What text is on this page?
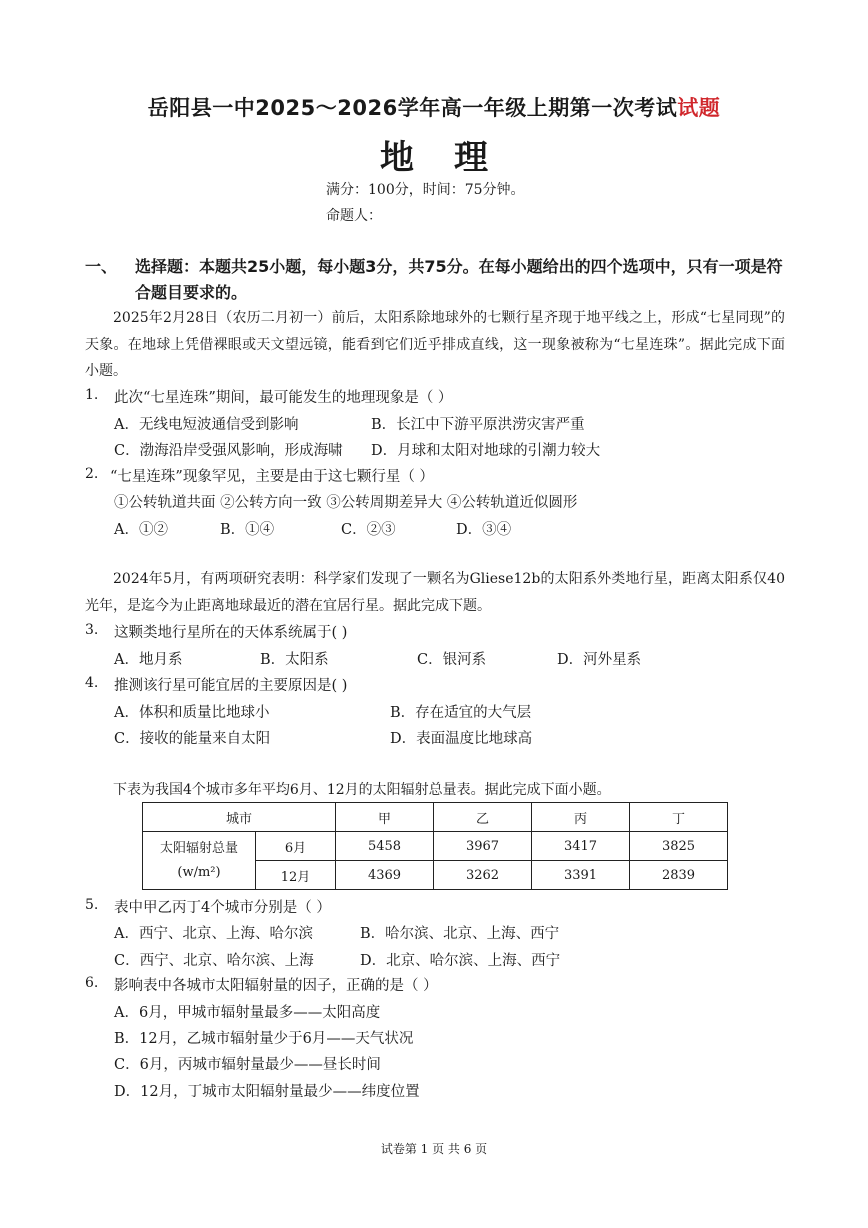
岳阳县一中2025～2026学年高一年级上期第一次考试试题
地理
满分：100分，时间：75分钟。
命题人：
一、 选择题：本题共25小题，每小题3分，共75分。在每小题给出的四个选项中，只有一项是符合题目要求的。
2025年2月28日（农历二月初一）前后，太阳系除地球外的七颗行星齐现于地平线之上，形成“七星同现”的天象。在地球上凭借裸眼或天文望远镜，能看到它们近乎排成直线，这一现象被称为“七星连珠”。据此完成下面小题。
1. 此次“七星连珠”期间，最可能发生的地理现象是（ ）
A．无线电短波通信受到影响	B．长江中下游平原洪涝灾害严重
C．渤海沿岸受强风影响，形成海啸 D．月球和太阳对地球的引潮力较大
2. “七星连珠”现象罕见，主要是由于这七颗行星（ ）
①公转轨道共面 ②公转方向一致 ③公转周期差异大 ④公转轨道近似圆形
A．①②	B．①④	C．②③	D．③④
2024年5月，有两项研究表明：科学家们发现了一颗名为Gliese12b的太阳系外类地行星，距离太阳系仅40光年，是迄今为止距离地球最近的潜在宜居行星。据此完成下题。
3. 这颗类地行星所在的天体系统属于( )
A．地月系	B．太阳系	C．银河系	D．河外星系
4. 推测该行星可能宜居的主要原因是( )
A．体积和质量比地球小	B．存在适宜的大气层
C．接收的能量来自太阳	D．表面温度比地球高
下表为我国4个城市多年平均6月、12月的太阳辐射总量表。据此完成下面小题。
城市		甲	乙	丙	丁
太阳辐射总量
(w/m²)	6月	5458	3967	3417	3825
	12月	4369	3262	3391	2839
5. 表中甲乙丙丁4个城市分别是（ ）
A．西宁、北京、上海、哈尔滨	B．哈尔滨、北京、上海、西宁
C．西宁、北京、哈尔滨、上海	D．北京、哈尔滨、上海、西宁
6. 影响表中各城市太阳辐射量的因子，正确的是（ ）
A．6月，甲城市辐射量最多——太阳高度
B．12月，乙城市辐射量少于6月——天气状况
C．6月，丙城市辐射量最少——昼长时间
D．12月，丁城市太阳辐射量最少——纬度位置
试卷第 1 页 共 6 页
